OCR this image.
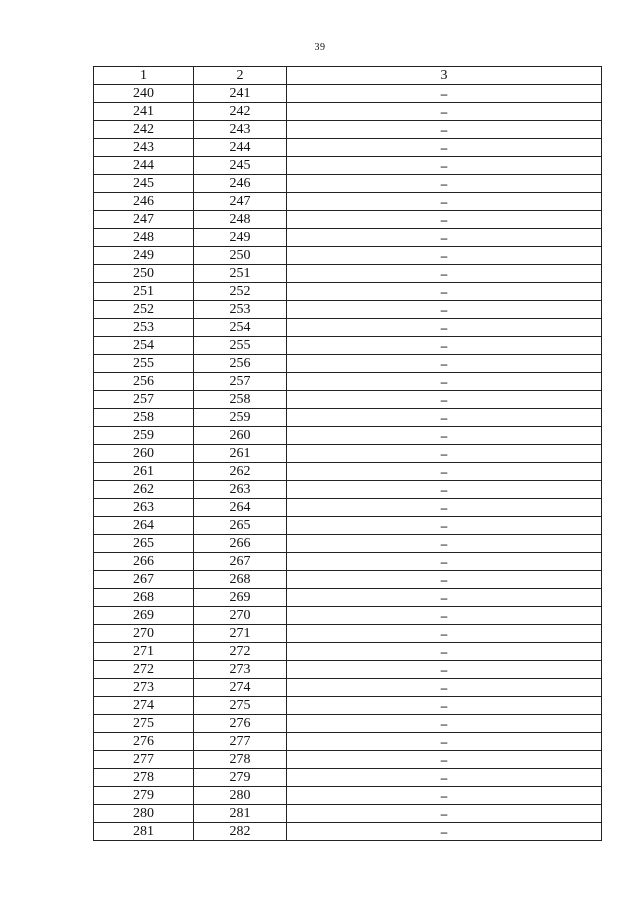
39
1	2	3
240	241	–
241	242	–
242	243	–
243	244	–
244	245	–
245	246	–
246	247	–
247	248	–
248	249	–
249	250	–
250	251	–
251	252	–
252	253	–
253	254	–
254	255	–
255	256	–
256	257	–
257	258	–
258	259	–
259	260	–
260	261	–
261	262	–
262	263	–
263	264	–
264	265	–
265	266	–
266	267	–
267	268	–
268	269	–
269	270	–
270	271	–
271	272	–
272	273	–
273	274	–
274	275	–
275	276	–
276	277	–
277	278	–
278	279	–
279	280	–
280	281	–
281	282	–
